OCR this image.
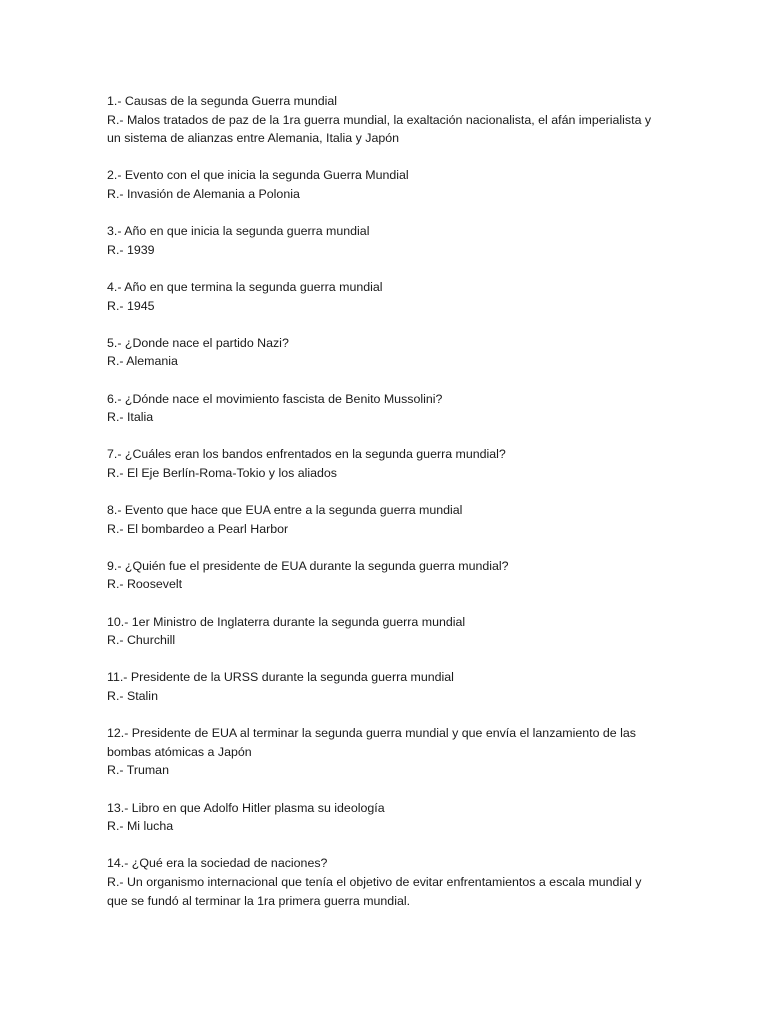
1.- Causas de la segunda Guerra mundial

R.- Malos tratados de paz de la 1ra guerra mundial, la exaltación nacionalista, el afán imperialista y un sistema de alianzas entre Alemania, Italia y Japón

2.- Evento con el que inicia la segunda Guerra Mundial

R.- Invasión de Alemania a Polonia

3.- Año en que inicia la segunda guerra mundial

R.- 1939

4.- Año en que termina la segunda guerra mundial

R.- 1945

5.- ¿Donde nace el partido Nazi?

R.- Alemania

6.- ¿Dónde nace el movimiento fascista de Benito Mussolini?

R.- Italia

7.- ¿Cuáles eran los bandos enfrentados en la segunda guerra mundial?

R.- El Eje Berlín-Roma-Tokio y los aliados

8.- Evento que hace que EUA entre a la segunda guerra mundial

R.- El bombardeo a Pearl Harbor

9.- ¿Quién fue el presidente de EUA durante la segunda guerra mundial?

R.- Roosevelt

10.- 1er Ministro de Inglaterra durante la segunda guerra mundial

R.- Churchill

11.- Presidente de la URSS durante la segunda guerra mundial

R.- Stalin

12.- Presidente de EUA al terminar la segunda guerra mundial y que envía el lanzamiento de las bombas atómicas a Japón

R.- Truman

13.- Libro en que Adolfo Hitler plasma su ideología

R.- Mi lucha

14.- ¿Qué era la sociedad de naciones?

R.- Un organismo internacional que tenía el objetivo de evitar enfrentamientos a escala mundial y que se fundó al terminar la 1ra primera guerra mundial.
